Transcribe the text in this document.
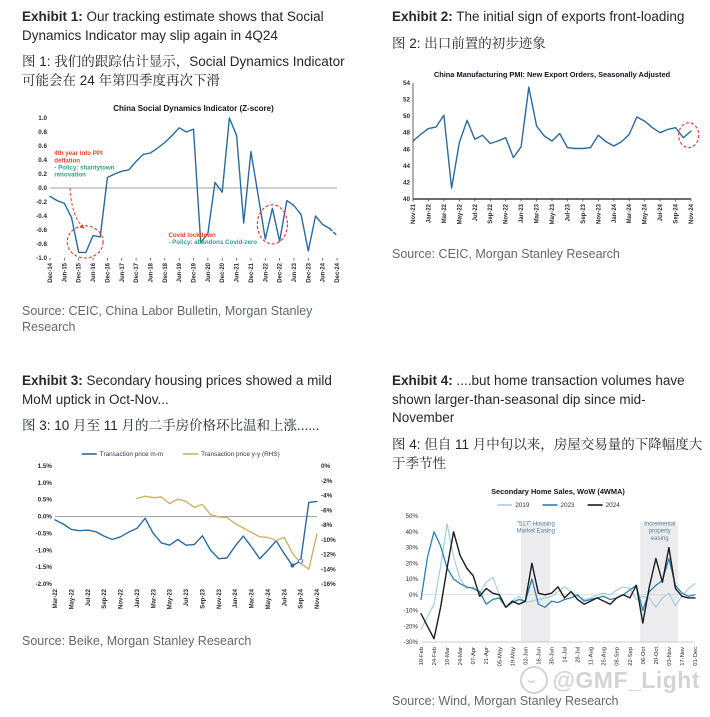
Exhibit 1: Our tracking estimate shows that Social Dynamics Indicator may slip again in 4Q24
图 1: 我们的跟踪估计显示，Social Dynamics Indicator 可能会在 24 年第四季度再次下滑
1.0
0.8
0.6
0.4
0.2
0.0
-0.2
-0.4
-0.6
-0.8
-1.0
Dec-14 Jun-15 Dec-15 Jun-16 Dec-16 Jun-17 Dec-17 Jun-18 Dec-18 Jun-19 Dec-19 Jun-20 Dec-20 Jun-21 Dec-21 Jun-22 Dec-22 Jun-23 Dec-23 Jun-24 Dec-24
4th year into PPI deflation - Policy: shantytown renovation
Covid lockdown - Policy: abandons Covid-zero
China Social Dynamics Indicator (Z-score)
Source: CEIC, China Labor Bulletin, Morgan Stanley Research
Exhibit 2: The initial sign of exports front-loading
图 2: 出口前置的初步迹象
54
52
50
48
46
44
42
40
Nov-21 Jan-22 Mar-22 May-22 Jul-22 Sep-22 Nov-22 Jan-23 Mar-23 May-23 Jul-23 Sep-23 Nov-23 Jan-24 Mar-24 May-24 Jul-24 Sep-24 Nov-24
China Manufacturing PMI: New Export Orders, Seasonally Adjusted
Source: CEIC, Morgan Stanley Research
Exhibit 3: Secondary housing prices showed a mild MoM uptick in Oct-Nov...
图 3: 10 月至 11 月的二手房价格环比温和上涨......
1.5%
1.0%
0.5%
0.0%
-0.5%
-1.0%
-1.5%
-2.0%
0%
-2%
-4%
-6%
-8%
-10%
-12%
-14%
-16%
Mar-22 May-22 Jul-22 Sep-22 Nov-22 Jan-23 Mar-23 May-23 Jul-23 Sep-23 Nov-23 Jan-24 Mar-24 May-24 Jul-24 Sep-24 Nov-24
Transaction price m-m	Transaction price y-y (RHS)
Source: Beike, Morgan Stanley Research
Exhibit 4: ....but home transaction volumes have shown larger-than-seasonal dip since mid-November
图 4: 但自 11 月中旬以来，房屋交易量的下降幅度大于季节性
50%
40%
30%
20%
10%
0%
-10%
-20%
-30%
10-Feb 24-Feb 10-Mar 24-Mar 07-Apr 21-Apr 05-May 19-May 02-Jun 16-Jun 30-Jun 14-Jul 28-Jul 11-Aug 25-Aug 08-Sep 22-Sep 06-Oct 20-Oct 03-Nov 17-Nov 01-Dec
"517" Housing Market Easing
Incremental property easing
Secondary Home Sales, WoW (4WMA)
2019	2023	2024
Source: Wind, Morgan Stanley Research
@GMF_Light
